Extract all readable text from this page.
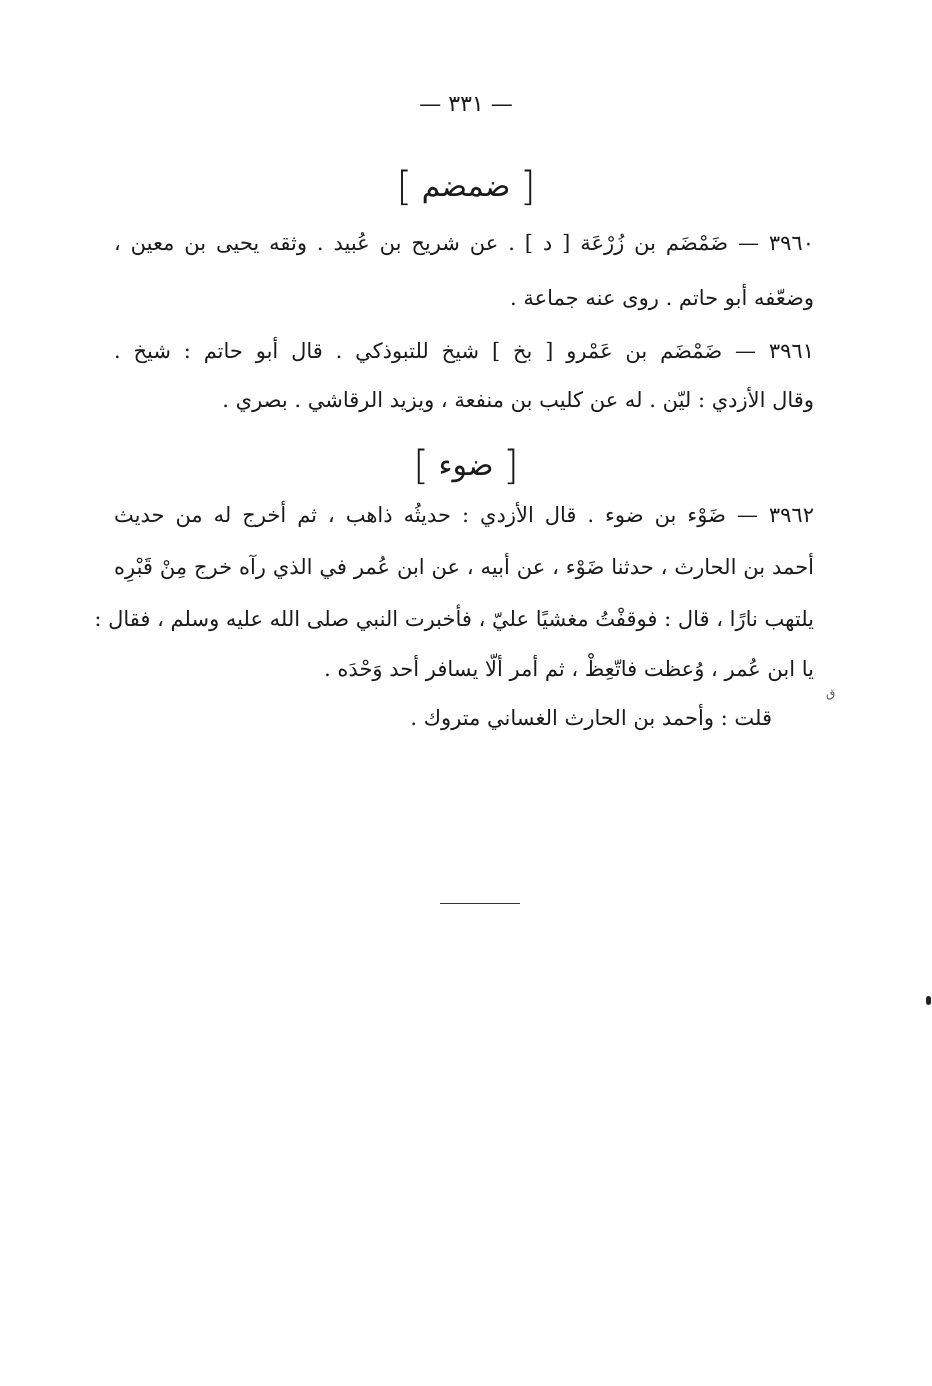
— ٣٣١ —
[ ضمضم ]
٣٩٦٠ — ضَمْضَم بن زُرْعَة [ د ] . عن شريح بن عُبيد . وثقه يحيى بن معين ،
وضعّفه أبو حاتم . روى عنه جماعة .
٣٩٦١ — ضَمْضَم بن عَمْرو [ بخ ] شيخ للتبوذكي . قال أبو حاتم : شيخ .
وقال الأزدي : ليّن . له عن كليب بن منفعة ، ويزيد الرقاشي . بصري .
[ ضوء ]
٣٩٦٢ — ضَوْء بن ضوء . قال الأزدي : حديثُه ذاهب ، ثم أخرج له من حديث
أحمد بن الحارث ، حدثنا ضَوْء ، عن أبيه ، عن ابن عُمر في الذي رآه خرج مِنْ قَبْرِه
يلتهب نارًا ، قال : فوقفْتُ مغشيًا عليّ ، فأخبرت النبي صلى الله عليه وسلم ، فقال :
يا ابن عُمر ، وُعظت فاتّعِظْ ، ثم أمر ألّا يسافر أحد وَحْدَه .
قلت : وأحمد بن الحارث الغساني متروك .
ق
